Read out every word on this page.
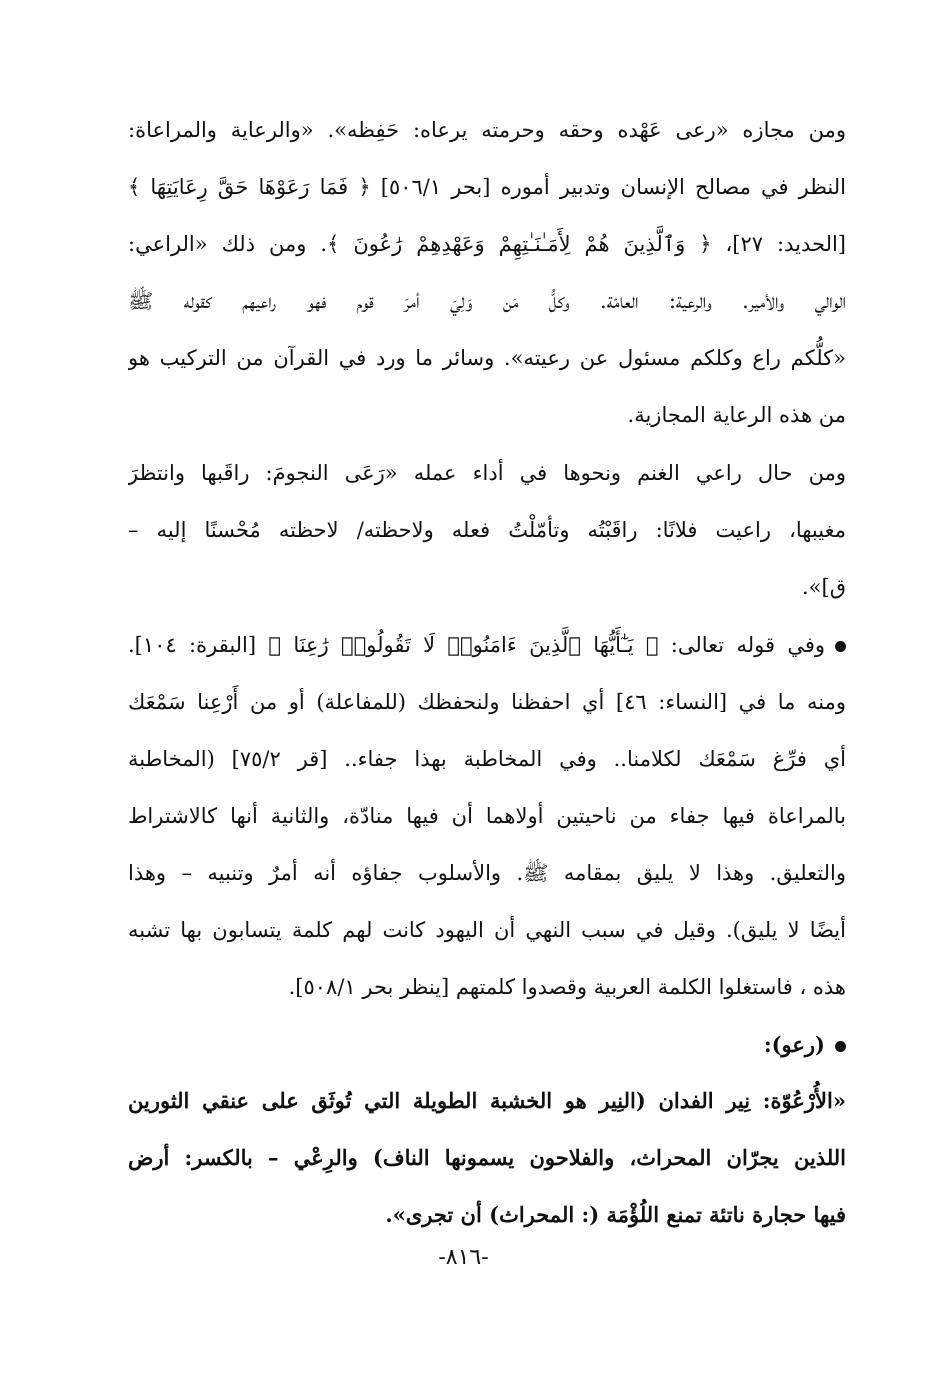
ومن مجازه «رعى عَهْده وحقه وحرمته يرعاه: حَفِظه». «والرعاية والمراعاة:
النظر في مصالح الإنسان وتدبير أموره [بحر ٥٠٦/١] ﴿ فَمَا رَعَوْهَا حَقَّ رِعَايَتِهَا ﴾
[الحديد: ٢٧]، ﴿ وَٱلَّذِينَ هُمْ لِأَمَـٰنَـٰتِهِمْ وَعَهْدِهِمْ رَٰعُونَ ﴾. ومن ذلك «الراعي:
الوالي والأمير. والرعية: العامّة. وكلُّ مَن وَلِيَ أمرَ قوم فهو راعيهم كقوله ﷺ
«كلُّكم راع وكلكم مسئول عن رعيته». وسائر ما ورد في القرآن من التركيب هو
من هذه الرعاية المجازية.
ومن حال راعي الغنم ونحوها في أداء عمله «رَعَى النجومَ: راقَبها وانتظرَ
مغيبها، راعيت فلانًا: راقَبْتُه وتأمّلْتُ فعله ولاحظته/ لاحظته مُحْسنًا إليه –
ق]».
وفي قوله تعالى: ﴿ يَـٰٓأَيُّهَا ٱلَّذِينَ ءَامَنُوا۟ لَا تَقُولُوا۟ رَٰعِنَا ﴾ [البقرة: ١٠٤].
ومنه ما في [النساء: ٤٦] أي احفظنا ولنحفظك (للمفاعلة) أو من أَرْعِنا سَمْعَك
أي فرِّغ سَمْعَك لكلامنا.. وفي المخاطبة بهذا جفاء.. [قر ٧٥/٢] (المخاطبة
بالمراعاة فيها جفاء من ناحيتين أولاهما أن فيها منادّة، والثانية أنها كالاشتراط
والتعليق. وهذا لا يليق بمقامه ﷺ. والأسلوب جفاؤه أنه أمرٌ وتنبيه – وهذا
أيضًا لا يليق). وقيل في سبب النهي أن اليهود كانت لهم كلمة يتسابون بها تشبه
هذه ، فاستغلوا الكلمة العربية وقصدوا كلمتهم [ينظر بحر ٥٠٨/١].
(رعو):
«الأُرْعُوّة: نِير الفدان (النِير هو الخشبة الطويلة التي تُوثَق على عنقي الثورين
اللذين يجرّان المحراث، والفلاحون يسمونها الناف) والرِعْي – بالكسر: أرض
فيها حجارة ناتئة تمنع اللُؤْمَة (: المحراث) أن تجرى».
-٨١٦-
